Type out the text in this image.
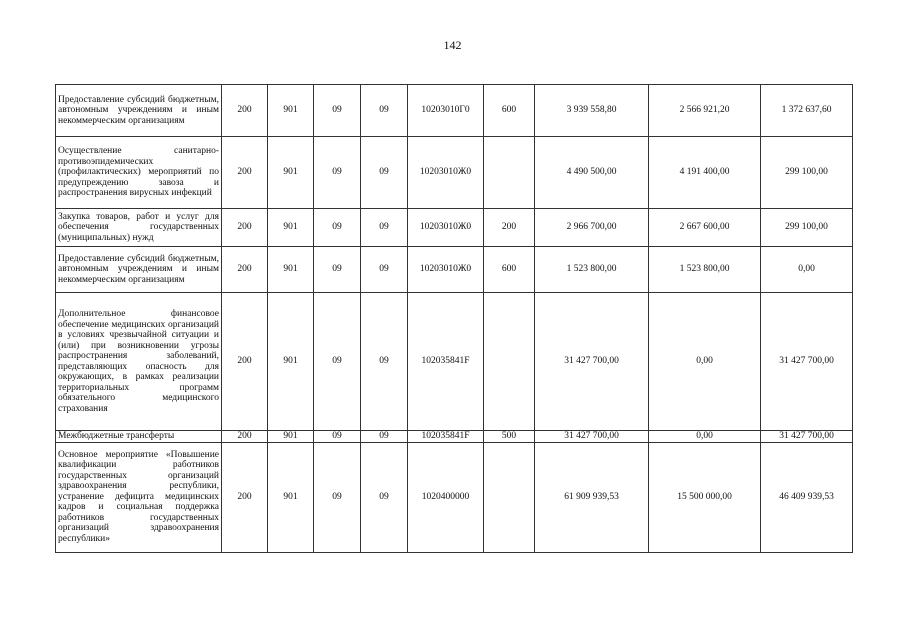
142
Предоставление субсидий бюджетным, автономным учреждениям и иным некоммерческим организациям	200	901	09	09	10203010Г0	600	3 939 558,80	2 566 921,20	1 372 637,60
Осуществление санитарно-противоэпидемических (профилактических) мероприятий по предупреждению завоза и распространения вирусных инфекций	200	901	09	09	10203010Ж0		4 490 500,00	4 191 400,00	299 100,00
Закупка товаров, работ и услуг для обеспечения государственных (муниципальных) нужд	200	901	09	09	10203010Ж0	200	2 966 700,00	2 667 600,00	299 100,00
Предоставление субсидий бюджетным, автономным учреждениям и иным некоммерческим организациям	200	901	09	09	10203010Ж0	600	1 523 800,00	1 523 800,00	0,00
Дополнительное финансовое обеспечение медицинских организаций в условиях чрезвычайной ситуации и (или) при возникновении угрозы распространения заболеваний, представляющих опасность для окружающих, в рамках реализации территориальных программ обязательного медицинского страхования	200	901	09	09	102035841F		31 427 700,00	0,00	31 427 700,00
Межбюджетные трансферты	200	901	09	09	102035841F	500	31 427 700,00	0,00	31 427 700,00
Основное мероприятие «Повышение квалификации работников государственных организаций здравоохранения республики, устранение дефицита медицинских кадров и социальная поддержка работников государственных организаций здравоохранения республики»	200	901	09	09	1020400000		61 909 939,53	15 500 000,00	46 409 939,53
